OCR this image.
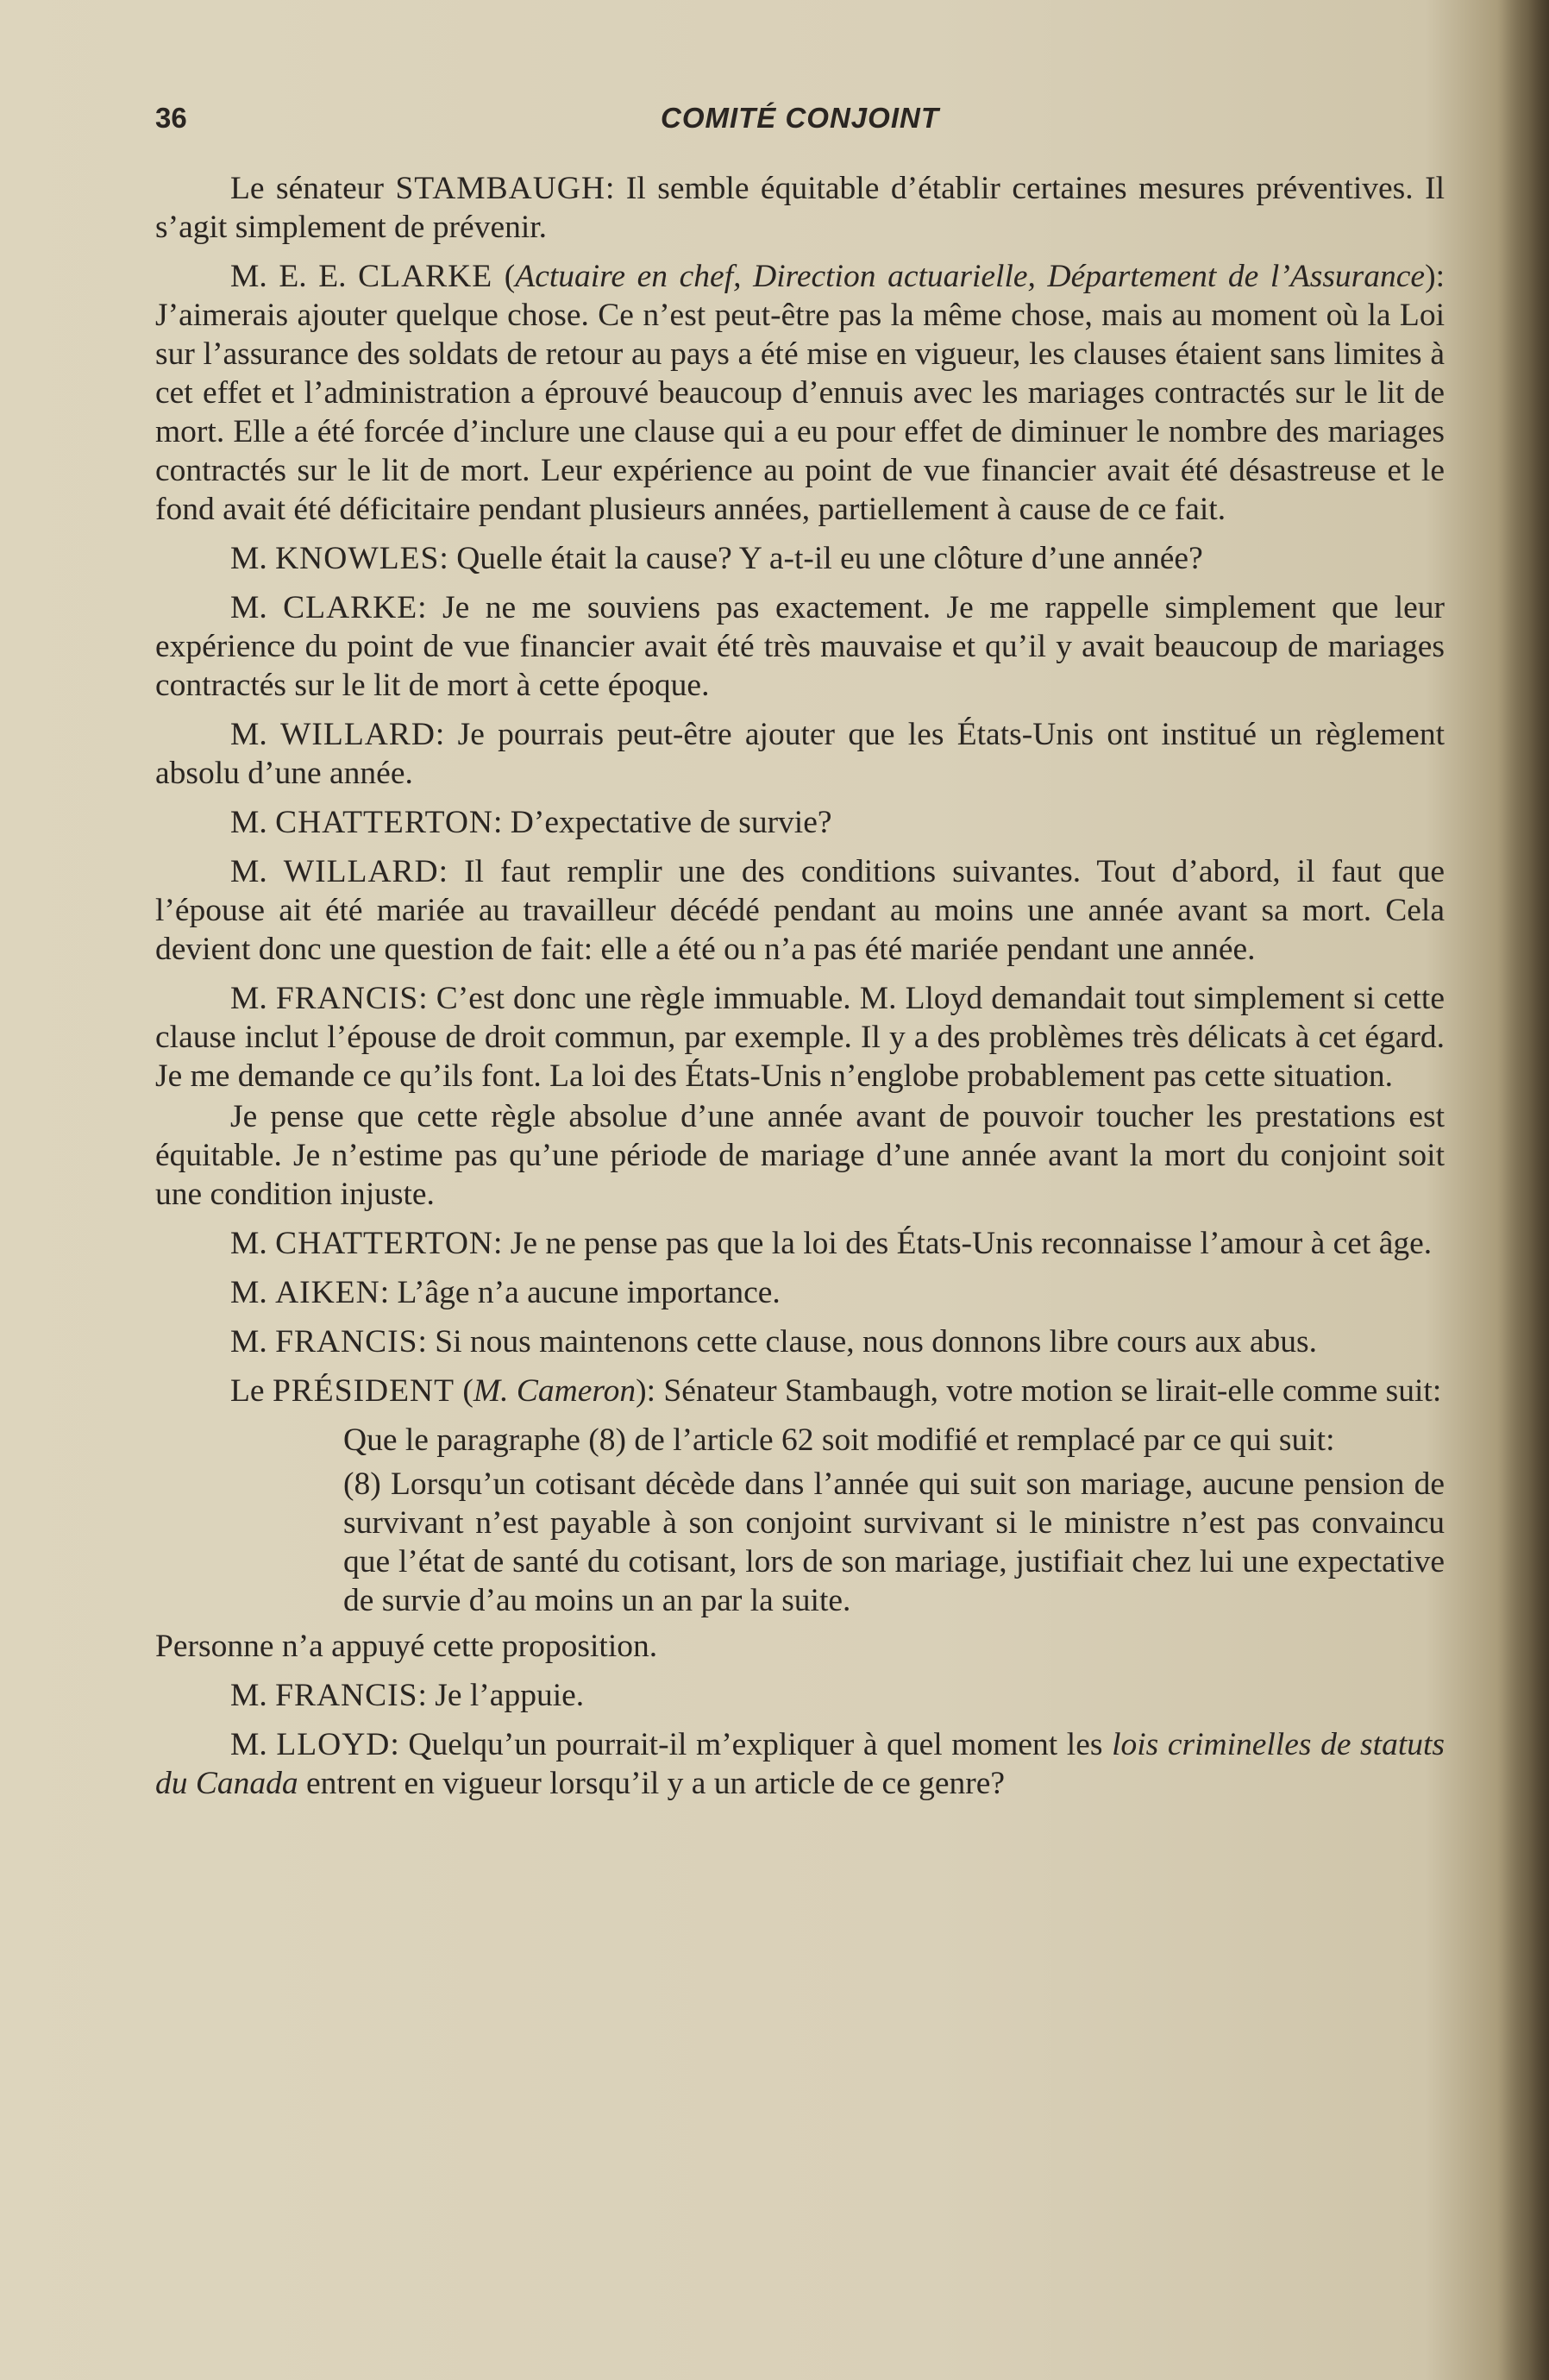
36	COMITÉ CONJOINT

Le sénateur STAMBAUGH: Il semble équitable d’établir certaines mesures préventives. Il s’agit simplement de prévenir.

M. E. E. CLARKE (Actuaire en chef, Direction actuarielle, Département de l’Assurance): J’aimerais ajouter quelque chose. Ce n’est peut-être pas la même chose, mais au moment où la Loi sur l’assurance des soldats de retour au pays a été mise en vigueur, les clauses étaient sans limites à cet effet et l’administration a éprouvé beaucoup d’ennuis avec les mariages contractés sur le lit de mort. Elle a été forcée d’inclure une clause qui a eu pour effet de diminuer le nombre des mariages contractés sur le lit de mort. Leur expérience au point de vue financier avait été désastreuse et le fond avait été déficitaire pendant plusieurs années, partiellement à cause de ce fait.

M. KNOWLES: Quelle était la cause? Y a-t-il eu une clôture d’une année?

M. CLARKE: Je ne me souviens pas exactement. Je me rappelle simplement que leur expérience du point de vue financier avait été très mauvaise et qu’il y avait beaucoup de mariages contractés sur le lit de mort à cette époque.

M. WILLARD: Je pourrais peut-être ajouter que les États-Unis ont institué un règlement absolu d’une année.

M. CHATTERTON: D’expectative de survie?

M. WILLARD: Il faut remplir une des conditions suivantes. Tout d’abord, il faut que l’épouse ait été mariée au travailleur décédé pendant au moins une année avant sa mort. Cela devient donc une question de fait: elle a été ou n’a pas été mariée pendant une année.

M. FRANCIS: C’est donc une règle immuable. M. Lloyd demandait tout simplement si cette clause inclut l’épouse de droit commun, par exemple. Il y a des problèmes très délicats à cet égard. Je me demande ce qu’ils font. La loi des États-Unis n’englobe probablement pas cette situation.

Je pense que cette règle absolue d’une année avant de pouvoir toucher les prestations est équitable. Je n’estime pas qu’une période de mariage d’une année avant la mort du conjoint soit une condition injuste.

M. CHATTERTON: Je ne pense pas que la loi des États-Unis reconnaisse l’amour à cet âge.

M. AIKEN: L’âge n’a aucune importance.

M. FRANCIS: Si nous maintenons cette clause, nous donnons libre cours aux abus.

Le PRÉSIDENT (M. Cameron): Sénateur Stambaugh, votre motion se lirait-elle comme suit:

Que le paragraphe (8) de l’article 62 soit modifié et remplacé par ce qui suit:

(8) Lorsqu’un cotisant décède dans l’année qui suit son mariage, aucune pension de survivant n’est payable à son conjoint survivant si le ministre n’est pas convaincu que l’état de santé du cotisant, lors de son mariage, justifiait chez lui une expectative de survie d’au moins un an par la suite.

Personne n’a appuyé cette proposition.

M. FRANCIS: Je l’appuie.

M. LLOYD: Quelqu’un pourrait-il m’expliquer à quel moment les lois criminelles de statuts du Canada entrent en vigueur lorsqu’il y a un article de ce genre?
